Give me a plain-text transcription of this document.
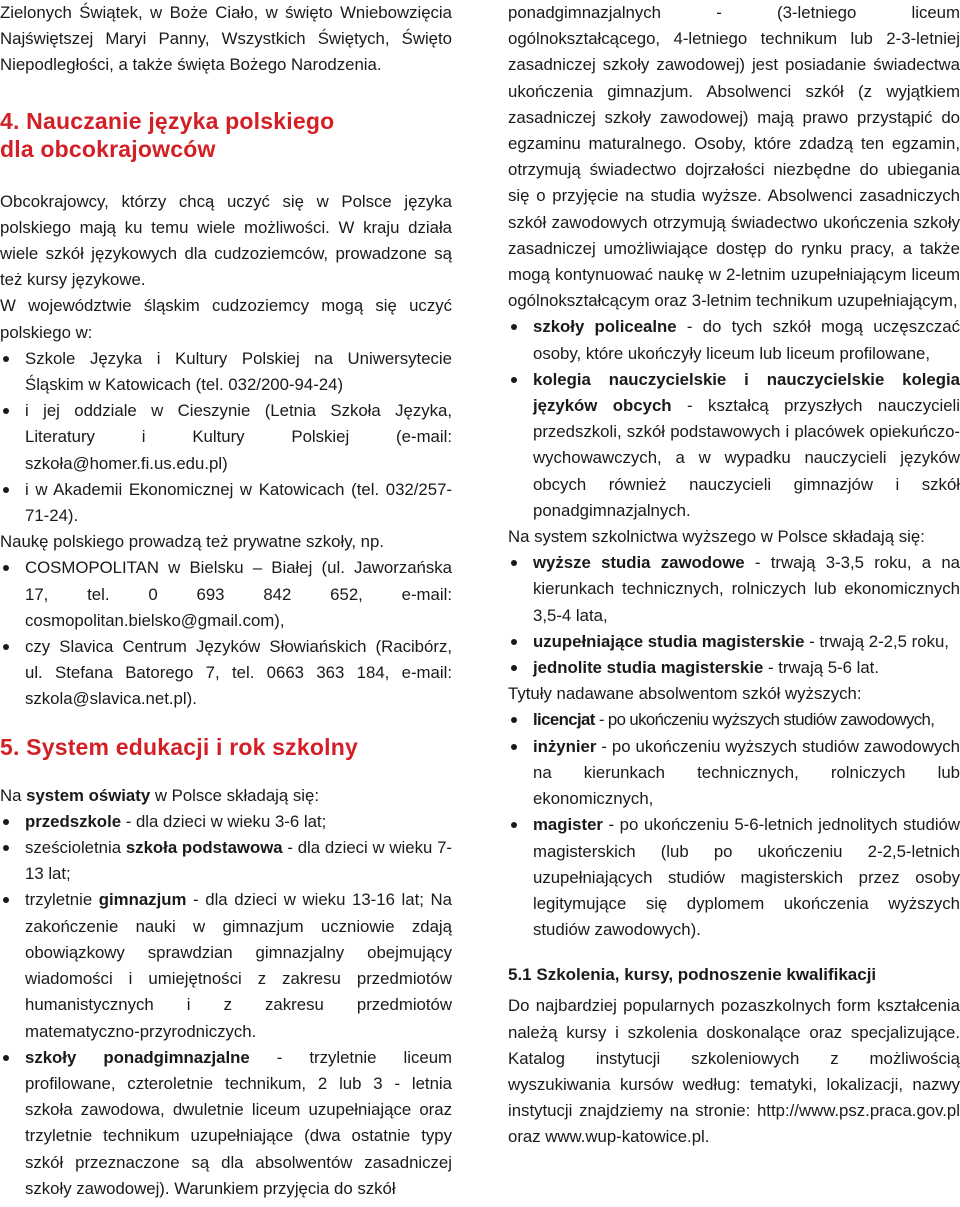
Zielonych Świątek, w Boże Ciało, w święto Wniebowzięcia Najświętszej Maryi Panny, Wszystkich Świętych, Święto Niepodległości, a także święta Bożego Narodzenia.

4. Nauczanie języka polskiego
dla obcokrajowców

Obcokrajowcy, którzy chcą uczyć się w Polsce języka polskiego mają ku temu wiele możliwości. W kraju działa wiele szkół językowych dla cudzoziemców, prowadzone są też kursy językowe.

W województwie śląskim cudzoziemcy mogą się uczyć polskiego w:

Szkole Języka i Kultury Polskiej na Uniwersytecie Śląskim w Katowicach (tel. 032/200-94-24)
i jej oddziale w Cieszynie (Letnia Szkoła Języka, Literatury i Kultury Polskiej (e-mail: szkoła@homer.fi.us.edu.pl)
i w Akademii Ekonomicznej w Katowicach (tel. 032/257-71-24).

Naukę polskiego prowadzą też prywatne szkoły, np.

COSMOPOLITAN w Bielsku – Białej (ul. Jaworzańska 17, tel. 0 693 842 652, e-mail: cosmopolitan.bielsko@gmail.com),
czy Slavica Centrum Języków Słowiańskich (Racibórz, ul. Stefana Batorego 7, tel. 0663 363 184, e-mail: szkola@slavica.net.pl).
5. System edukacji i rok szkolny

Na system oświaty w Polsce składają się:

przedszkole - dla dzieci w wieku 3-6 lat;
sześcioletnia szkoła podstawowa - dla dzieci w wieku 7-13 lat;
trzyletnie gimnazjum - dla dzieci w wieku 13-16 lat; Na zakończenie nauki w gimnazjum uczniowie zdają obowiązkowy sprawdzian gimnazjalny obejmujący wiadomości i umiejętności z zakresu przedmiotów humanistycznych i z zakresu przedmiotów matematyczno-przyrodniczych.
szkoły ponadgimnazjalne - trzyletnie liceum profilowane, czteroletnie technikum, 2 lub 3 - letnia szkoła zawodowa, dwuletnie liceum uzupełniające oraz trzyletnie technikum uzupełniające (dwa ostatnie typy szkół przeznaczone są dla absolwentów zasadniczej szkoły zawodowej). Warunkiem przyjęcia do szkół

ponadgimnazjalnych - (3-letniego liceum ogólnokształcącego, 4-letniego technikum lub 2-3-letniej zasadniczej szkoły zawodowej) jest posiadanie świadectwa ukończenia gimnazjum. Absolwenci szkół (z wyjątkiem zasadniczej szkoły zawodowej) mają prawo przystąpić do egzaminu maturalnego. Osoby, które zdadzą ten egzamin, otrzymują świadectwo dojrzałości niezbędne do ubiegania się o przyjęcie na studia wyższe. Absolwenci zasadniczych szkół zawodowych otrzymują świadectwo ukończenia szkoły zasadniczej umożliwiające dostęp do rynku pracy, a także mogą kontynuować naukę w 2-letnim uzupełniającym liceum ogólnokształcącym oraz 3-letnim technikum uzupełniającym,

szkoły policealne - do tych szkół mogą uczęszczać osoby, które ukończyły liceum lub liceum profilowane,
kolegia nauczycielskie i nauczycielskie kolegia języków obcych - kształcą przyszłych nauczycieli przedszkoli, szkół podstawowych i placówek opiekuńczo-wychowawczych, a w wypadku nauczycieli języków obcych również nauczycieli gimnazjów i szkół ponadgimnazjalnych.

Na system szkolnictwa wyższego w Polsce składają się:

wyższe studia zawodowe - trwają 3-3,5 roku, a na kierunkach technicznych, rolniczych lub ekonomicznych 3,5-4 lata,
uzupełniające studia magisterskie - trwają 2-2,5 roku,
jednolite studia magisterskie - trwają 5-6 lat.

Tytuły nadawane absolwentom szkół wyższych:

licencjat - po ukończeniu wyższych studiów zawodowych,
inżynier - po ukończeniu wyższych studiów zawodowych na kierunkach technicznych, rolniczych lub ekonomicznych,
magister - po ukończeniu 5-6-letnich jednolitych studiów magisterskich (lub po ukończeniu 2-2,5-letnich uzupełniających studiów magisterskich przez osoby legitymujące się dyplomem ukończenia wyższych studiów zawodowych).
5.1 Szkolenia, kursy, podnoszenie kwalifikacji

Do najbardziej popularnych pozaszkolnych form kształcenia należą kursy i szkolenia doskonalące oraz specjalizujące. Katalog instytucji szkoleniowych z możliwością wyszukiwania kursów według: tematyki, lokalizacji, nazwy instytucji znajdziemy na stronie: http://www.psz.praca.gov.pl oraz www.wup-katowice.pl.
